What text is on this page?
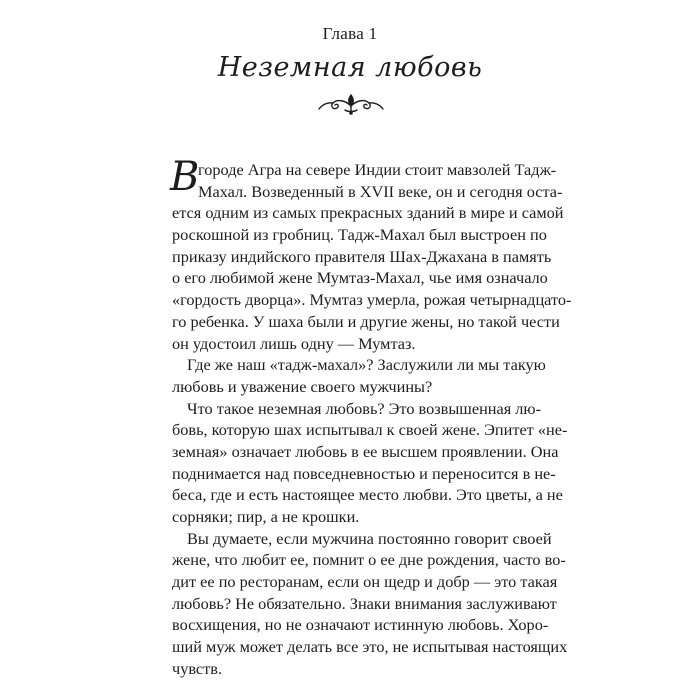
Глава 1
Неземная любовь
В
городе Агра на севере Индии стоит мавзолей Тадж-
Махал. Возведенный в XVII веке, он и сегодня оста-
ется одним из самых прекрасных зданий в мире и самой
роскошной из гробниц. Тадж-Махал был выстроен по
приказу индийского правителя Шах-Джахана в память
о его любимой жене Мумтаз-Махал, чье имя означало
«гордость дворца». Мумтаз умерла, рожая четырнадцато-
го ребенка. У шаха были и другие жены, но такой чести
он удостоил лишь одну — Мумтаз.
Где же наш «тадж-махал»? Заслужили ли мы такую
любовь и уважение своего мужчины?
Что такое неземная любовь? Это возвышенная лю-
бовь, которую шах испытывал к своей жене. Эпитет «не-
земная» означает любовь в ее высшем проявлении. Она
поднимается над повседневностью и переносится в не-
беса, где и есть настоящее место любви. Это цветы, а не
сорняки; пир, а не крошки.
Вы думаете, если мужчина постоянно говорит своей
жене, что любит ее, помнит о ее дне рождения, часто во-
дит ее по ресторанам, если он щедр и добр — это такая
любовь? Не обязательно. Знаки внимания заслуживают
восхищения, но не означают истинную любовь. Хоро-
ший муж может делать все это, не испытывая настоящих
чувств.
